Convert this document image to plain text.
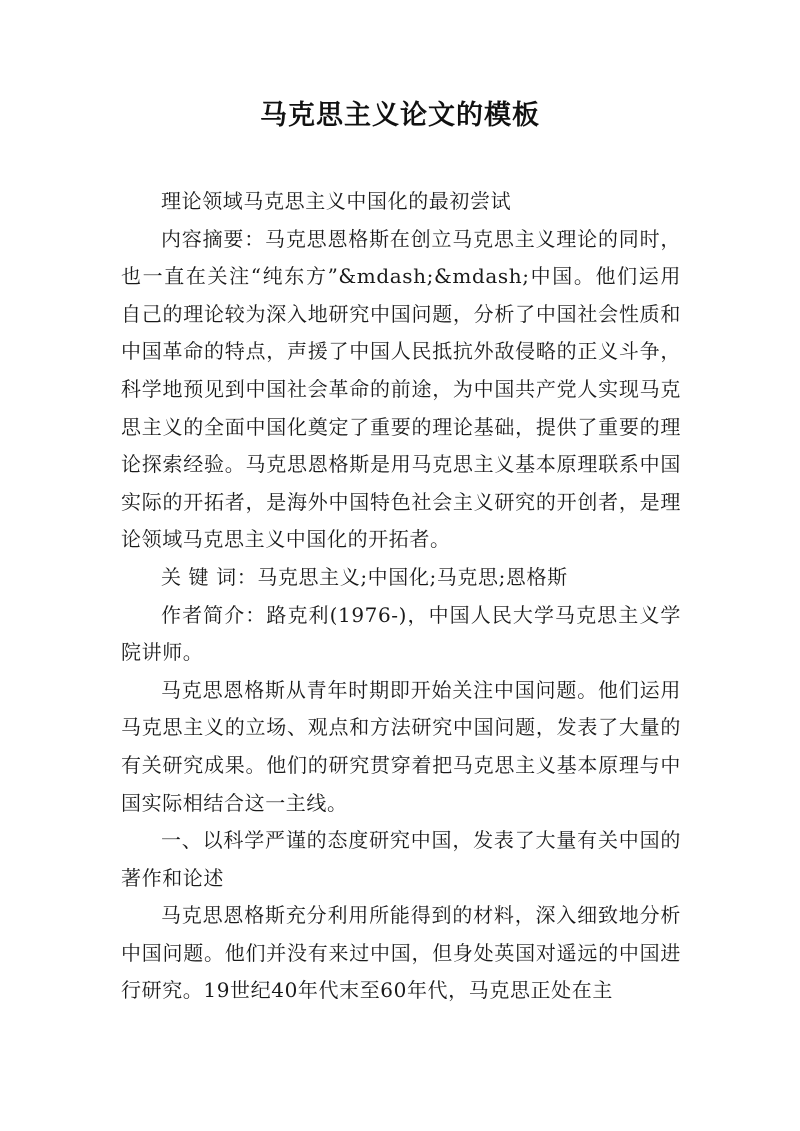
马克思主义论文的模板

理论领域马克思主义中国化的最初尝试

内容摘要：马克思恩格斯在创立马克思主义理论的同时，也一直在关注“纯东方”&mdash;&mdash;中国。他们运用自己的理论较为深入地研究中国问题，分析了中国社会性质和中国革命的特点，声援了中国人民抵抗外敌侵略的正义斗争，科学地预见到中国社会革命的前途，为中国共产党人实现马克思主义的全面中国化奠定了重要的理论基础，提供了重要的理论探索经验。马克思恩格斯是用马克思主义基本原理联系中国实际的开拓者，是海外中国特色社会主义研究的开创者，是理论领域马克思主义中国化的开拓者。

关 键 词：马克思主义;中国化;马克思;恩格斯

作者简介：路克利(1976-)，中国人民大学马克思主义学院讲师。

马克思恩格斯从青年时期即开始关注中国问题。他们运用马克思主义的立场、观点和方法研究中国问题，发表了大量的有关研究成果。他们的研究贯穿着把马克思主义基本原理与中国实际相结合这一主线。

一、以科学严谨的态度研究中国，发表了大量有关中国的著作和论述

马克思恩格斯充分利用所能得到的材料，深入细致地分析中国问题。他们并没有来过中国，但身处英国对遥远的中国进行研究。19世纪40年代末至60年代，马克思正处在主
